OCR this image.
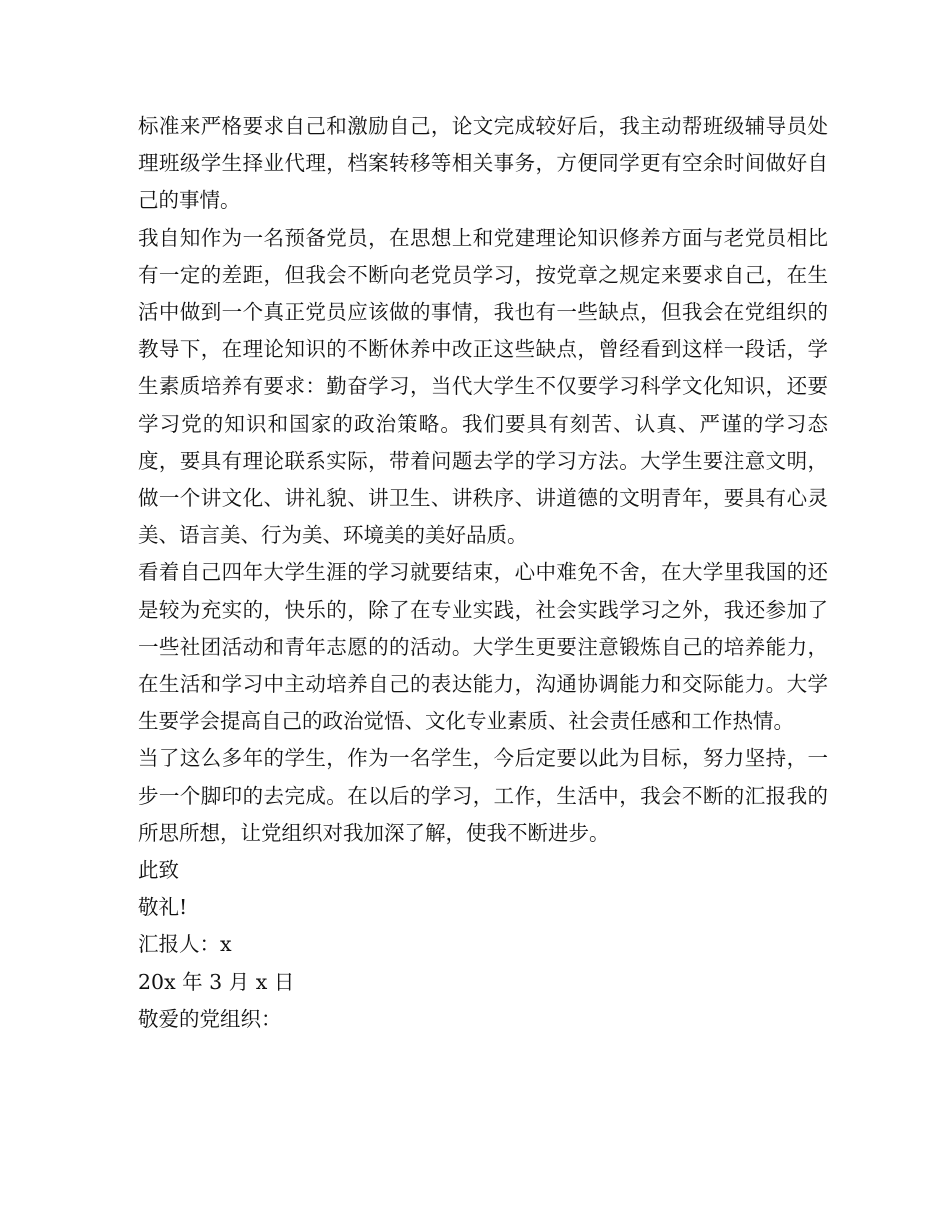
标准来严格要求自己和激励自己，论文完成较好后，我主动帮班级辅导员处理班级学生择业代理，档案转移等相关事务，方便同学更有空余时间做好自己的事情。

我自知作为一名预备党员，在思想上和党建理论知识修养方面与老党员相比有一定的差距，但我会不断向老党员学习，按党章之规定来要求自己，在生活中做到一个真正党员应该做的事情，我也有一些缺点，但我会在党组织的教导下，在理论知识的不断休养中改正这些缺点，曾经看到这样一段话，学生素质培养有要求：勤奋学习，当代大学生不仅要学习科学文化知识，还要学习党的知识和国家的政治策略。我们要具有刻苦、认真、严谨的学习态度，要具有理论联系实际，带着问题去学的学习方法。大学生要注意文明，做一个讲文化、讲礼貌、讲卫生、讲秩序、讲道德的文明青年，要具有心灵美、语言美、行为美、环境美的美好品质。

看着自己四年大学生涯的学习就要结束，心中难免不舍，在大学里我国的还是较为充实的，快乐的，除了在专业实践，社会实践学习之外，我还参加了一些社团活动和青年志愿的的活动。大学生更要注意锻炼自己的培养能力，在生活和学习中主动培养自己的表达能力，沟通协调能力和交际能力。大学生要学会提高自己的政治觉悟、文化专业素质、社会责任感和工作热情。

当了这么多年的学生，作为一名学生，今后定要以此为目标，努力坚持，一步一个脚印的去完成。在以后的学习，工作，生活中，我会不断的汇报我的所思所想，让党组织对我加深了解，使我不断进步。

此致

敬礼!

汇报人：x

20x 年 3 月 x 日

敬爱的党组织：
